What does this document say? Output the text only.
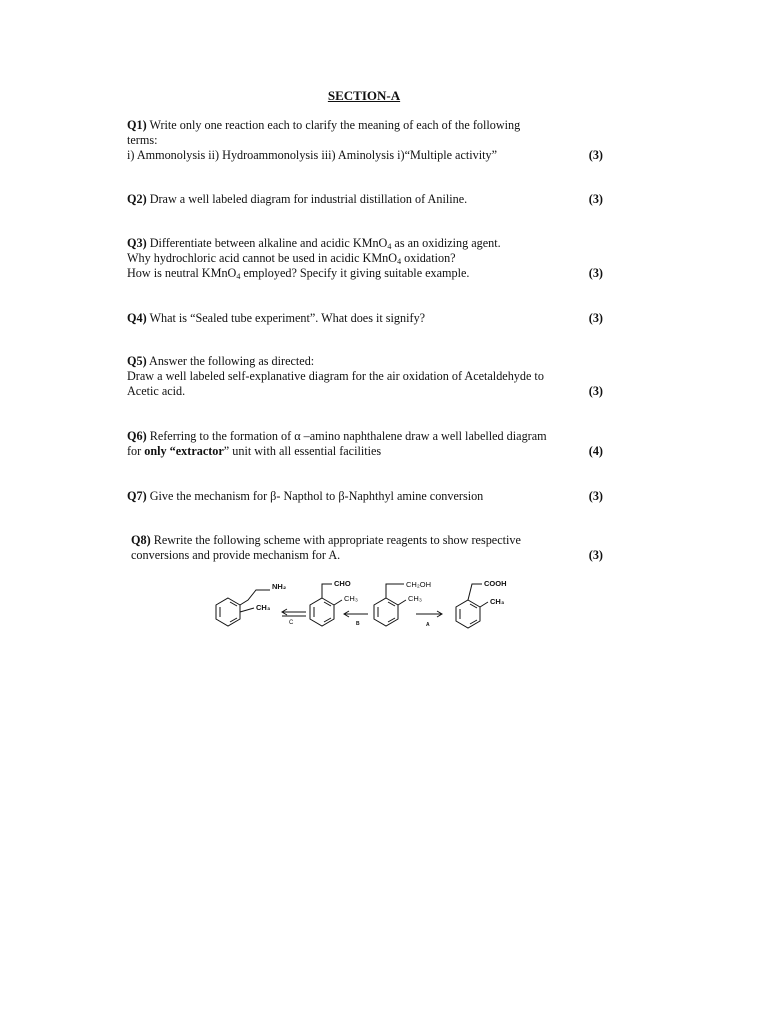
SECTION-A
Q1) Write only one reaction each to clarify the meaning of each of the following
terms:
i) Ammonolysis ii) Hydroammonolysis iii) Aminolysis i)“Multiple activity”	(3)
Q2) Draw a well labeled diagram for industrial distillation of Aniline.	(3)
Q3) Differentiate between alkaline and acidic KMnO$_4$ as an oxidizing agent.
Why hydrochloric acid cannot be used in acidic KMnO$_4$ oxidation?
How is neutral KMnO$_4$ employed? Specify it giving suitable example.	(3)
Q4) What is “Sealed tube experiment”. What does it signify?	(3)
Q5) Answer the following as directed:
Draw a well labeled self-explanative diagram for the air oxidation of Acetaldehyde to
Acetic acid.	(3)
Q6) Referring to the formation of α –amino naphthalene draw a well labelled diagram
for only “extractor” unit with all essential facilities	(4)
Q7) Give the mechanism for β- Napthol to β-Naphthyl amine conversion	(3)
Q8) Rewrite the following scheme with appropriate reagents to show respective
conversions and provide mechanism for A.	(3)
NH₂
CH₃
CHO
CH₃
CH₂OH
CH₃
COOH
CH₃
C	B	A
